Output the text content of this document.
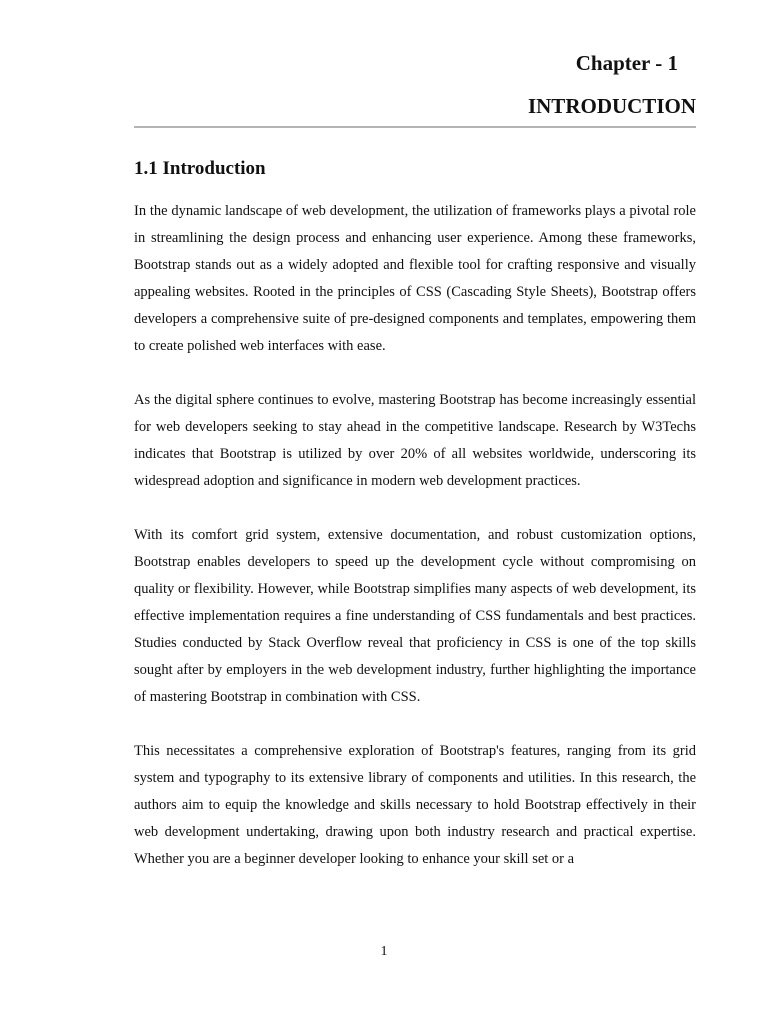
Chapter - 1
INTRODUCTION
1.1 Introduction

In the dynamic landscape of web development, the utilization of frameworks plays a pivotal role in streamlining the design process and enhancing user experience. Among these frameworks, Bootstrap stands out as a widely adopted and flexible tool for crafting responsive and visually appealing websites. Rooted in the principles of CSS (Cascading Style Sheets), Bootstrap offers developers a comprehensive suite of pre-designed components and templates, empowering them to create polished web interfaces with ease.

As the digital sphere continues to evolve, mastering Bootstrap has become increasingly essential for web developers seeking to stay ahead in the competitive landscape. Research by W3Techs indicates that Bootstrap is utilized by over 20% of all websites worldwide, underscoring its widespread adoption and significance in modern web development practices.

With its comfort grid system, extensive documentation, and robust customization options, Bootstrap enables developers to speed up the development cycle without compromising on quality or flexibility. However, while Bootstrap simplifies many aspects of web development, its effective implementation requires a fine understanding of CSS fundamentals and best practices. Studies conducted by Stack Overflow reveal that proficiency in CSS is one of the top skills sought after by employers in the web development industry, further highlighting the importance of mastering Bootstrap in combination with CSS.

This necessitates a comprehensive exploration of Bootstrap's features, ranging from its grid system and typography to its extensive library of components and utilities. In this research, the authors aim to equip the knowledge and skills necessary to hold Bootstrap effectively in their web development undertaking, drawing upon both industry research and practical expertise. Whether you are a beginner developer looking to enhance your skill set or a

1
